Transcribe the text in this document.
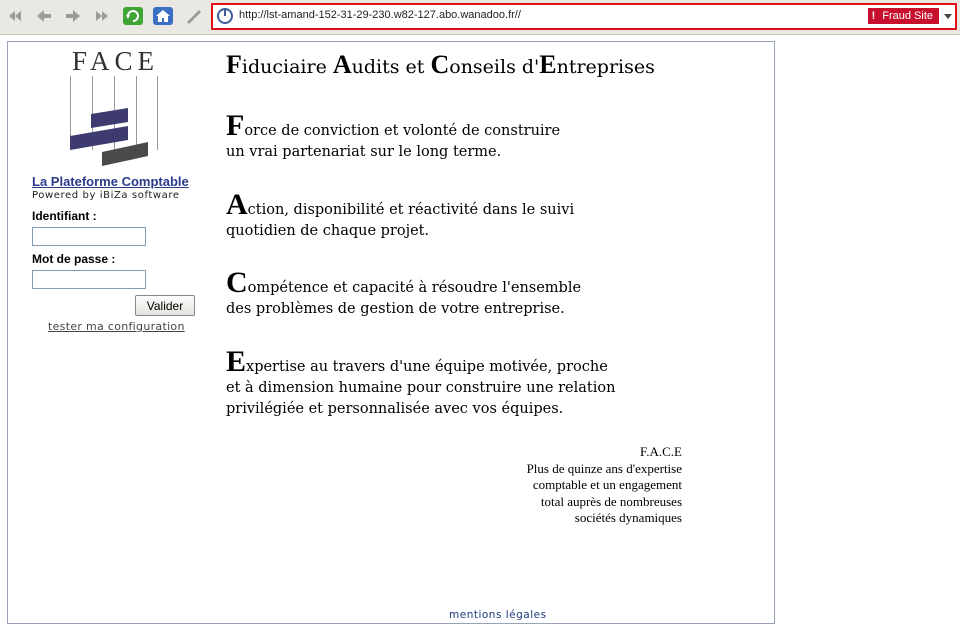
http://lst-amand-152-31-29-230.w82-127.abo.wanadoo.fr//	! Fraud Site
FACE
La Plateforme Comptable
Powered by iBiZa software
Identifiant :
Mot de passe :
Valider
tester ma configuration
Fiduciaire Audits et Conseils d'Entreprises
Force de conviction et volonté de construire
un vrai partenariat sur le long terme.
Action, disponibilité et réactivité dans le suivi
quotidien de chaque projet.
Compétence et capacité à résoudre l'ensemble
des problèmes de gestion de votre entreprise.
Expertise au travers d'une équipe motivée, proche
et à dimension humaine pour construire une relation
privilégiée et personnalisée avec vos équipes.
F.A.C.E
Plus de quinze ans d'expertise
comptable et un engagement
total auprès de nombreuses
sociétés dynamiques
mentions légales
